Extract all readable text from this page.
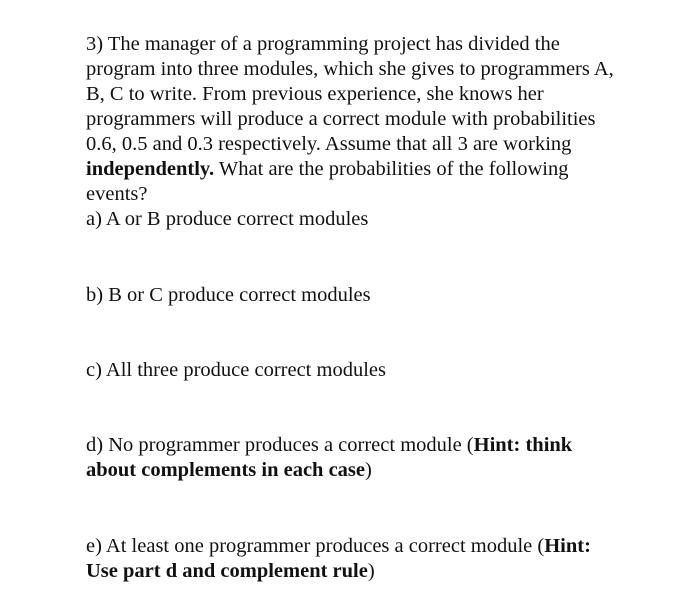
3) The manager of a programming project has divided the

program into three modules, which she gives to programmers A,

B, C to write. From previous experience, she knows her

programmers will produce a correct module with probabilities

0.6, 0.5 and 0.3 respectively. Assume that all 3 are working

independently. What are the probabilities of the following

events?

a) A or B produce correct modules

b) B or C produce correct modules

c) All three produce correct modules

d) No programmer produces a correct module (Hint: think
about complements in each case)

e) At least one programmer produces a correct module (Hint:
Use part d and complement rule)
